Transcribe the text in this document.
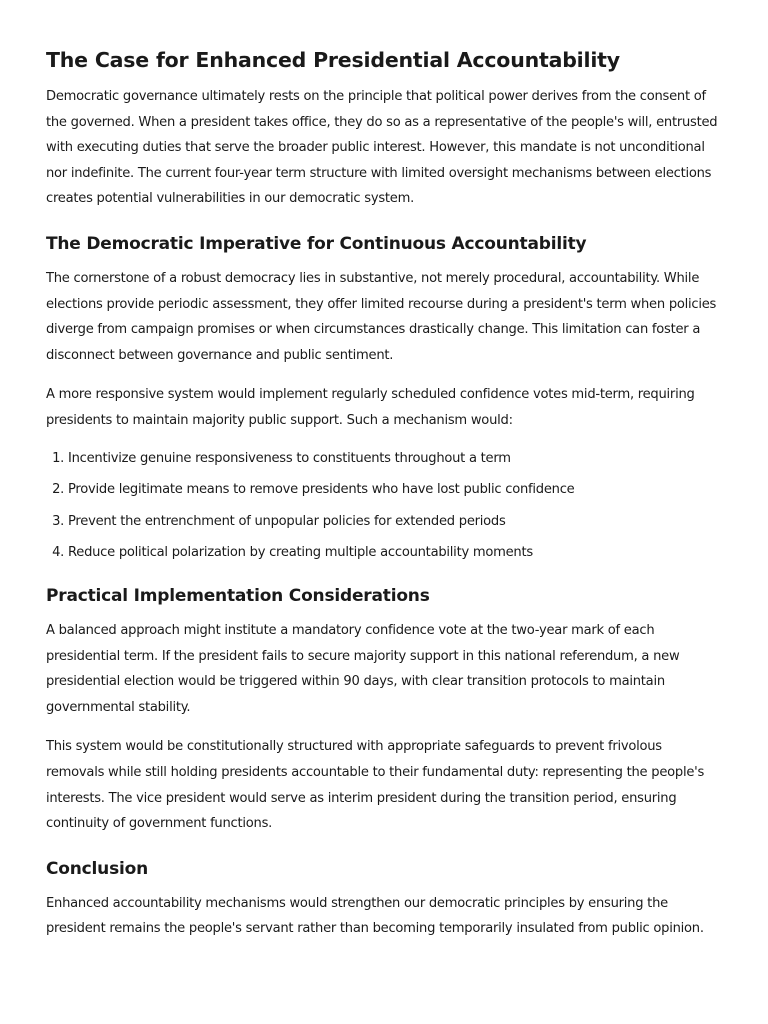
The Case for Enhanced Presidential Accountability

Democratic governance ultimately rests on the principle that political power derives from the consent of the governed. When a president takes office, they do so as a representative of the people's will, entrusted with executing duties that serve the broader public interest. However, this mandate is not unconditional nor indefinite. The current four-year term structure with limited oversight mechanisms between elections creates potential vulnerabilities in our democratic system.

The Democratic Imperative for Continuous Accountability

The cornerstone of a robust democracy lies in substantive, not merely procedural, accountability. While elections provide periodic assessment, they offer limited recourse during a president's term when policies diverge from campaign promises or when circumstances drastically change. This limitation can foster a disconnect between governance and public sentiment.

A more responsive system would implement regularly scheduled confidence votes mid-term, requiring presidents to maintain majority public support. Such a mechanism would:

1. Incentivize genuine responsiveness to constituents throughout a term
2. Provide legitimate means to remove presidents who have lost public confidence
3. Prevent the entrenchment of unpopular policies for extended periods
4. Reduce political polarization by creating multiple accountability moments
Practical Implementation Considerations

A balanced approach might institute a mandatory confidence vote at the two-year mark of each presidential term. If the president fails to secure majority support in this national referendum, a new presidential election would be triggered within 90 days, with clear transition protocols to maintain governmental stability.

This system would be constitutionally structured with appropriate safeguards to prevent frivolous removals while still holding presidents accountable to their fundamental duty: representing the people's interests. The vice president would serve as interim president during the transition period, ensuring continuity of government functions.

Conclusion

Enhanced accountability mechanisms would strengthen our democratic principles by ensuring the president remains the people's servant rather than becoming temporarily insulated from public opinion.
